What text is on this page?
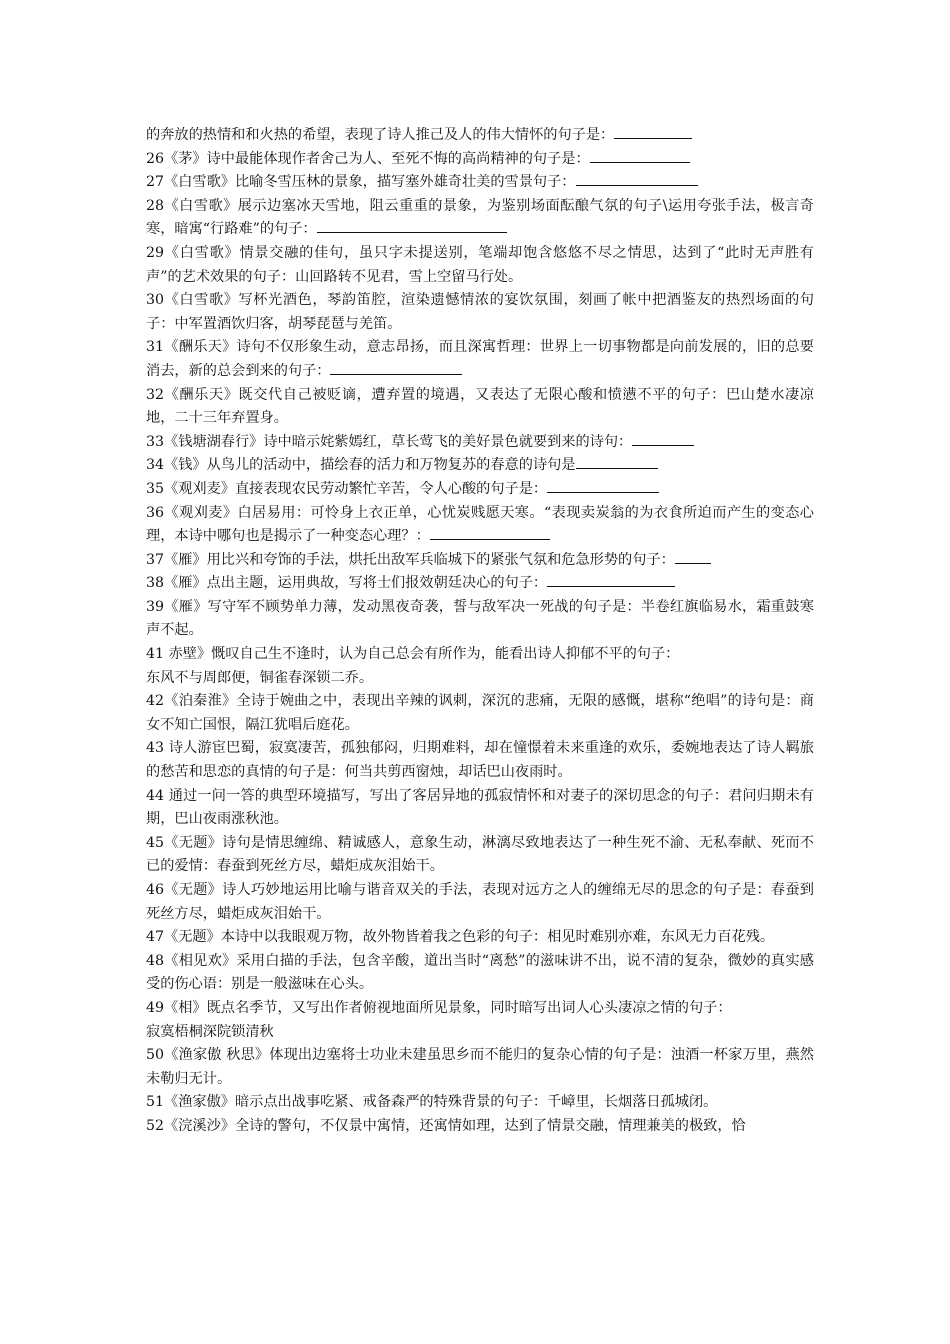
的奔放的热情和和火热的希望，表现了诗人推己及人的伟大情怀的句子是：

26《茅》诗中最能体现作者舍己为人、至死不悔的高尚精神的句子是：

27《白雪歌》比喻冬雪压林的景象，描写塞外雄奇壮美的雪景句子：

28《白雪歌》展示边塞冰天雪地，阻云重重的景象，为鉴别场面酝酿气氛的句子\运用夸张手法，极言奇寒，暗寓“行路难”的句子：

29《白雪歌》情景交融的佳句，虽只字未提送别，笔端却饱含悠悠不尽之情思，达到了“此时无声胜有声”的艺术效果的句子：山回路转不见君，雪上空留马行处。

30《白雪歌》写杯光酒色，琴韵笛腔，渲染遗憾情浓的宴饮氛围，刻画了帐中把酒鉴友的热烈场面的句子：中军置酒饮归客，胡琴琵琶与羌笛。

31《酬乐天》诗句不仅形象生动，意志昂扬，而且深寓哲理：世界上一切事物都是向前发展的，旧的总要消去，新的总会到来的句子：

32《酬乐天》既交代自己被贬谪，遭弃置的境遇，又表达了无限心酸和愤懑不平的句子：巴山楚水凄凉地，二十三年弃置身。

33《钱塘湖春行》诗中暗示姹紫嫣红，草长莺飞的美好景色就要到来的诗句：

34《钱》从鸟儿的活动中，描绘春的活力和万物复苏的春意的诗句是

35《观刈麦》直接表现农民劳动繁忙辛苦，令人心酸的句子是：

36《观刈麦》白居易用：可怜身上衣正单，心忧炭贱愿天寒。“表现卖炭翁的为衣食所迫而产生的变态心理，本诗中哪句也是揭示了一种变态心理？：

37《雁》用比兴和夸饰的手法，烘托出敌军兵临城下的紧张气氛和危急形势的句子：

38《雁》点出主题，运用典故，写将士们报效朝廷决心的句子：

39《雁》写守军不顾势单力薄，发动黑夜奇袭，誓与敌军决一死战的句子是：半卷红旗临易水，霜重鼓寒声不起。

41 赤壁》慨叹自己生不逢时，认为自己总会有所作为，能看出诗人抑郁不平的句子：

东风不与周郎便，铜雀春深锁二乔。

42《泊秦淮》全诗于婉曲之中，表现出辛辣的讽刺，深沉的悲痛，无限的感慨，堪称“绝唱”的诗句是：商女不知亡国恨，隔江犹唱后庭花。

43 诗人游宦巴蜀，寂寞凄苦，孤独郁闷，归期难料，却在憧憬着未来重逢的欢乐，委婉地表达了诗人羁旅的愁苦和思恋的真情的句子是：何当共剪西窗烛，却话巴山夜雨时。

44 通过一问一答的典型环境描写，写出了客居异地的孤寂情怀和对妻子的深切思念的句子：君问归期未有期，巴山夜雨涨秋池。

45《无题》诗句是情思缠绵、精诚感人，意象生动，淋漓尽致地表达了一种生死不渝、无私奉献、死而不已的爱情：春蚕到死丝方尽，蜡炬成灰泪始干。

46《无题》诗人巧妙地运用比喻与谐音双关的手法，表现对远方之人的缠绵无尽的思念的句子是：春蚕到死丝方尽，蜡炬成灰泪始干。

47《无题》本诗中以我眼观万物，故外物皆着我之色彩的句子：相见时难别亦难，东风无力百花残。

48《相见欢》采用白描的手法，包含辛酸，道出当时“离愁”的滋味讲不出，说不清的复杂，微妙的真实感受的伤心语：别是一般滋味在心头。

49《相》既点名季节，又写出作者俯视地面所见景象，同时暗写出词人心头凄凉之情的句子：

寂寞梧桐深院锁清秋

50《渔家傲 秋思》体现出边塞将士功业未建虽思乡而不能归的复杂心情的句子是：浊酒一杯家万里，燕然未勒归无计。

51《渔家傲》暗示点出战事吃紧、戒备森严的特殊背景的句子：千嶂里，长烟落日孤城闭。

52《浣溪沙》全诗的警句，不仅景中寓情，还寓情如理，达到了情景交融，情理兼美的极致，恰
